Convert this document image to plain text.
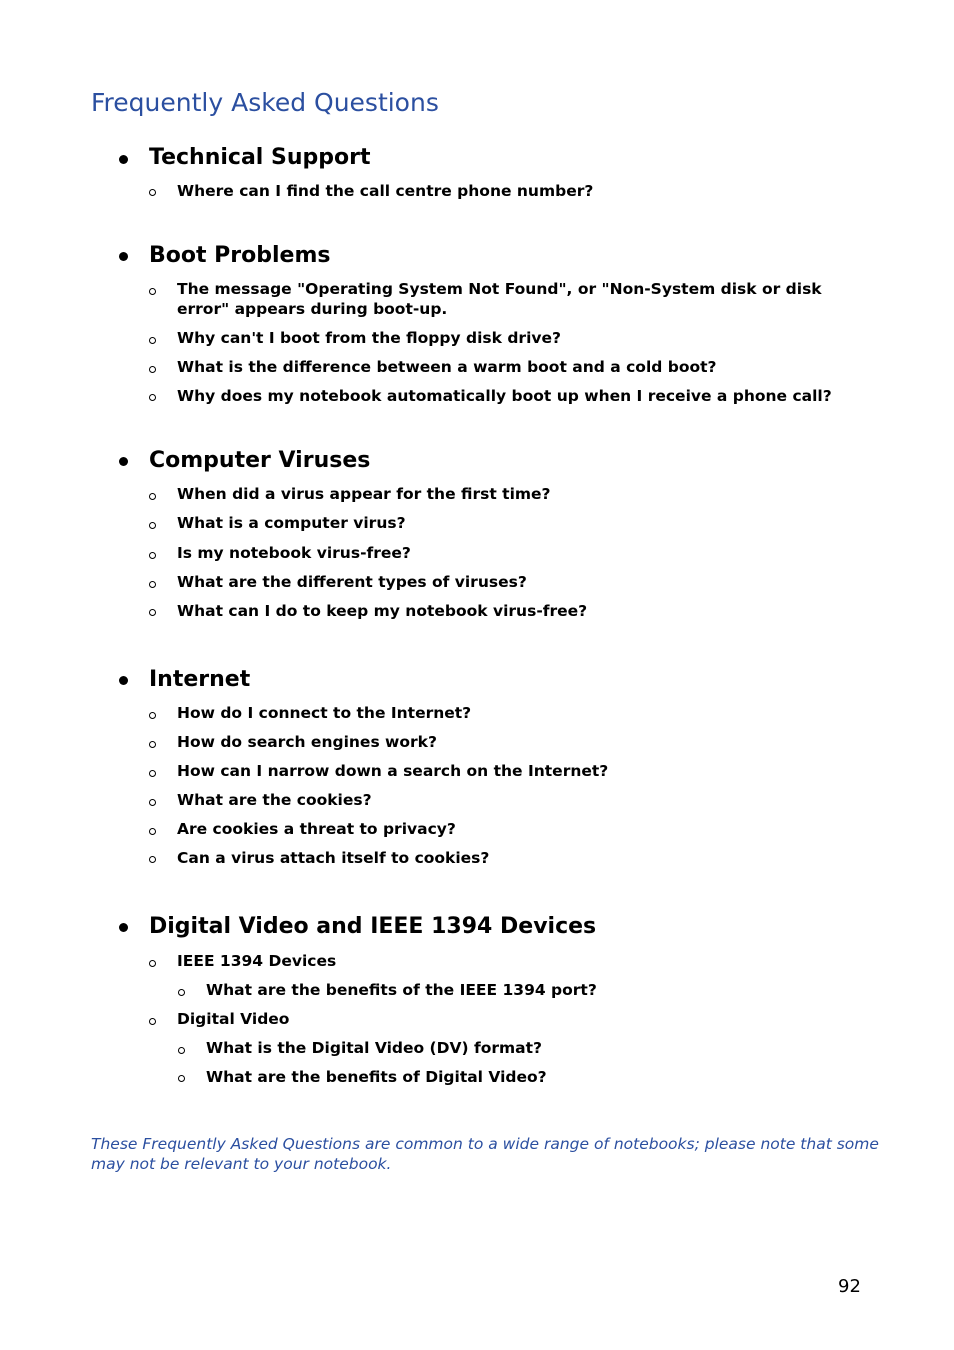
Frequently Asked Questions
Technical Support
Where can I find the call centre phone number?
Boot Problems
The message "Operating System Not Found", or "Non-System disk or disk error" appears during boot-up.
Why can't I boot from the floppy disk drive?
What is the difference between a warm boot and a cold boot?
Why does my notebook automatically boot up when I receive a phone call?
Computer Viruses
When did a virus appear for the first time?
What is a computer virus?
Is my notebook virus-free?
What are the different types of viruses?
What can I do to keep my notebook virus-free?
Internet
How do I connect to the Internet?
How do search engines work?
How can I narrow down a search on the Internet?
What are the cookies?
Are cookies a threat to privacy?
Can a virus attach itself to cookies?
Digital Video and IEEE 1394 Devices
IEEE 1394 Devices
What are the benefits of the IEEE 1394 port?
Digital Video
What is the Digital Video (DV) format?
What are the benefits of Digital Video?

These Frequently Asked Questions are common to a wide range of notebooks; please note that some may not be relevant to your notebook.

92
